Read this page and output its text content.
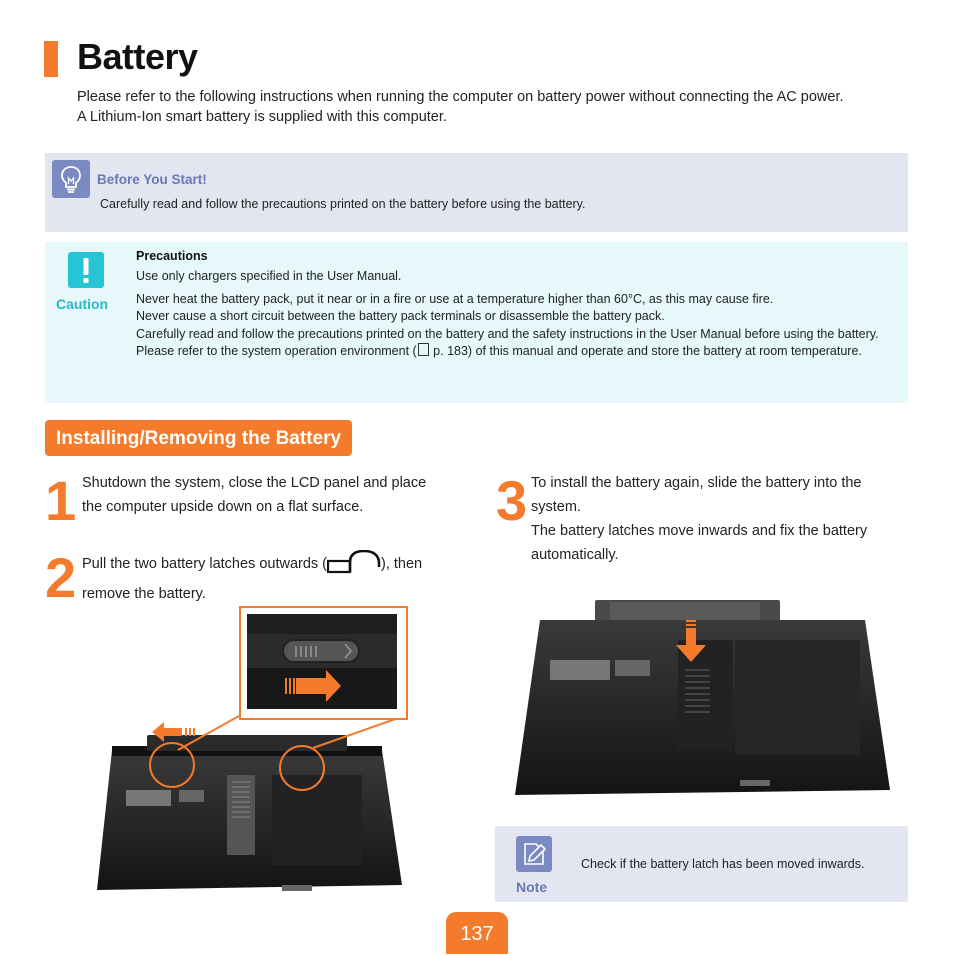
Battery

Please refer to the following instructions when running the computer on battery power without connecting the AC power.

A Lithium-Ion smart battery is supplied with this computer.

Before You Start!
Carefully read and follow the precautions printed on the battery before using the battery.
Caution
Precautions

Use only chargers specified in the User Manual.

Never heat the battery pack, put it near or in a fire or use at a temperature higher than 60°C, as this may cause fire.

Never cause a short circuit between the battery pack terminals or disassemble the battery pack.

Carefully read and follow the precautions printed on the battery and the safety instructions in the User Manual before using the battery.

Please refer to the system operation environment ( p. 183) of this manual and operate and store the battery at room temperature.

Installing/Removing the Battery
1 Shutdown the system, close the LCD panel and place the computer upside down on a flat surface.

2 Pull the two battery latches outwards (	), then remove the battery.

3 To install the battery again, slide the battery into the system.

The battery latches move inwards and fix the battery automatically.

Note
Check if the battery latch has been moved inwards.
137
